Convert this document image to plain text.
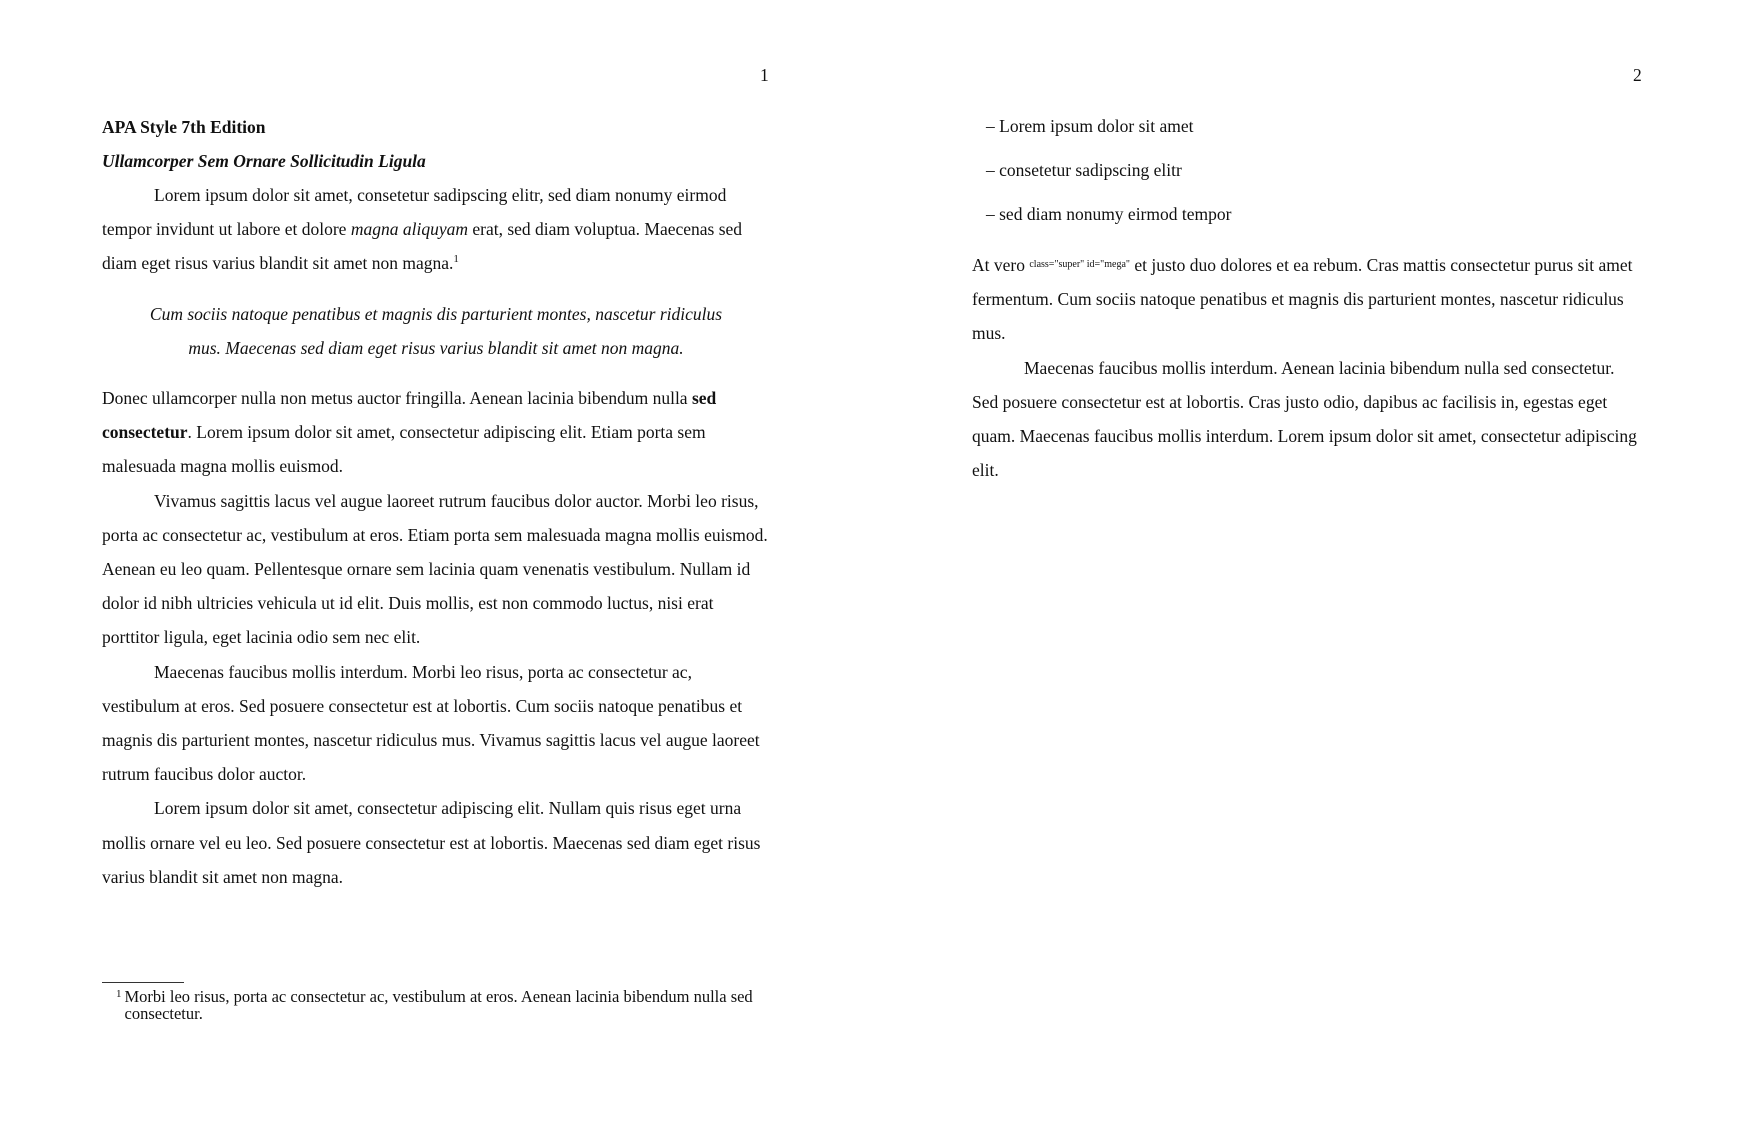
1

APA Style 7th Edition

Ullamcorper Sem Ornare Sollicitudin Ligula

Lorem ipsum dolor sit amet, consetetur sadipscing elitr, sed diam nonumy eirmod tempor invidunt ut labore et dolore magna aliquyam erat, sed diam voluptua. Maecenas sed diam eget risus varius blandit sit amet non magna.$^1$

Cum sociis natoque penatibus et magnis dis parturient montes, nascetur ridiculus mus. Maecenas sed diam eget risus varius blandit sit amet non magna.

Donec ullamcorper nulla non metus auctor fringilla. Aenean lacinia bibendum nulla sed consectetur. Lorem ipsum dolor sit amet, consectetur adipiscing elit. Etiam porta sem malesuada magna mollis euismod.

Vivamus sagittis lacus vel augue laoreet rutrum faucibus dolor auctor. Morbi leo risus, porta ac consectetur ac, vestibulum at eros. Etiam porta sem malesuada magna mollis euismod. Aenean eu leo quam. Pellentesque ornare sem lacinia quam venenatis vestibulum. Nullam id dolor id nibh ultricies vehicula ut id elit. Duis mollis, est non commodo luctus, nisi erat porttitor ligula, eget lacinia odio sem nec elit.

Maecenas faucibus mollis interdum. Morbi leo risus, porta ac consectetur ac, vestibulum at eros. Sed posuere consectetur est at lobortis. Cum sociis natoque penatibus et magnis dis parturient montes, nascetur ridiculus mus. Vivamus sagittis lacus vel augue laoreet rutrum faucibus dolor auctor.

Lorem ipsum dolor sit amet, consectetur adipiscing elit. Nullam quis risus eget urna mollis ornare vel eu leo. Sed posuere consectetur est at lobortis. Maecenas sed diam eget risus varius blandit sit amet non magna.

$^1$ Morbi leo risus, porta ac consectetur ac, vestibulum at eros. Aenean lacinia bibendum nulla sed consectetur.
2
– Lorem ipsum dolor sit amet
– consetetur sadipscing elitr
– sed diam nonumy eirmod tempor

At vero $^{class="super" id="mega"}$ et justo duo dolores et ea rebum. Cras mattis consectetur purus sit amet fermentum. Cum sociis natoque penatibus et magnis dis parturient montes, nascetur ridiculus mus.

Maecenas faucibus mollis interdum. Aenean lacinia bibendum nulla sed consectetur. Sed posuere consectetur est at lobortis. Cras justo odio, dapibus ac facilisis in, egestas eget quam. Maecenas faucibus mollis interdum. Lorem ipsum dolor sit amet, consectetur adipiscing elit.
